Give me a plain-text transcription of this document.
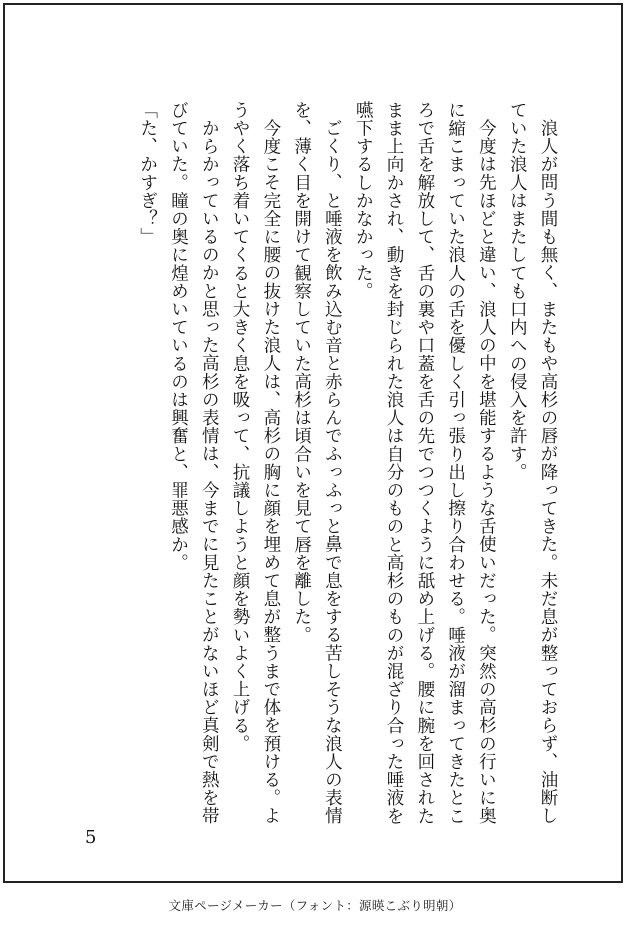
浪人が問う間も無く、またもや高杉の唇が降ってきた。未だ息が整っておらず、油断していた浪人はまたしても口内への侵入を許す。

今度は先ほどと違い、浪人の中を堪能するような舌使いだった。突然の高杉の行いに奥に縮こまっていた浪人の舌を優しく引っ張り出し擦り合わせる。唾液が溜まってきたところで舌を解放して、舌の裏や口蓋を舌の先でつつくように舐め上げる。腰に腕を回されたまま上向かされ、動きを封じられた浪人は自分のものと高杉のものが混ざり合った唾液を嚥下するしかなかった。

ごくり、と唾液を飲み込む音と赤らんでふっふっと鼻で息をする苦しそうな浪人の表情を、薄く目を開けて観察していた高杉は頃合いを見て唇を離した。

今度こそ完全に腰の抜けた浪人は、高杉の胸に顔を埋めて息が整うまで体を預ける。ようやく落ち着いてくると大きく息を吸って、抗議しようと顔を勢いよく上げる。

からかっているのかと思った高杉の表情は、今までに見たことがないほど真剣で熱を帯びていた。瞳の奥に煌めいているのは興奮と、罪悪感か。

「た、かすぎ？」

5
文庫ページメーカー（フォント：源暎こぶり明朝）
